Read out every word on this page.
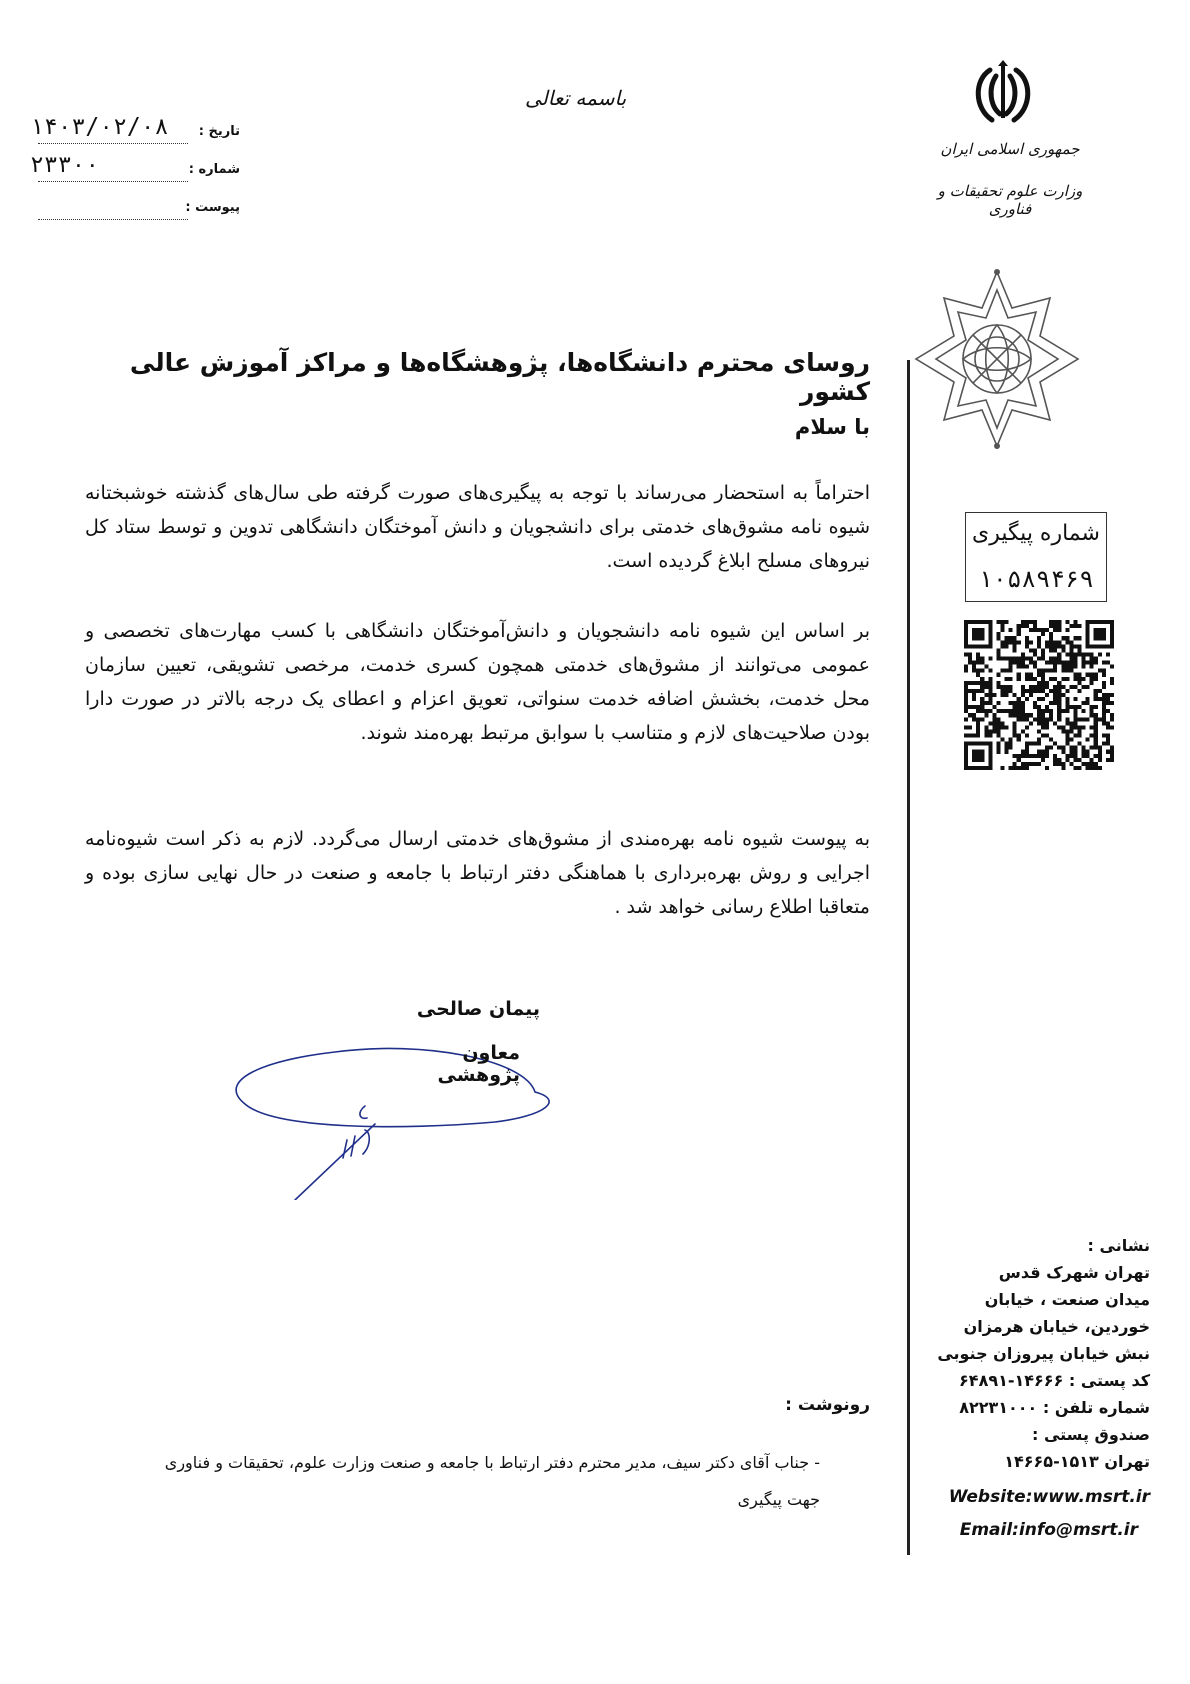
تاریخ :
۱۴۰۳/۰۲/۰۸
شماره :
۲۳۳۰۰
پیوست :
باسمه تعالی
جمهوری اسلامی ایران
وزارت علوم تحقیقات و فناوری
شماره پیگیری
۱۰۵۸۹۴۶۹
روسای محترم دانشگاه‌ها، پژوهشگاه‌ها و مراکز آموزش عالی کشور
با سلام
احتراماً به استحضار می‌رساند با توجه به پیگیری‌های صورت گرفته طی سال‌های گذشته خوشبختانه شیوه نامه مشوق‌های خدمتی برای دانشجویان و دانش آموختگان دانشگاهی تدوین و توسط ستاد کل نیروهای مسلح ابلاغ گردیده است.
بر اساس این شیوه نامه دانشجویان و دانش‌آموختگان دانشگاهی با کسب مهارت‌های تخصصی و عمومی می‌توانند از مشوق‌های خدمتی همچون کسری خدمت، مرخصی تشویقی، تعیین سازمان محل خدمت، بخشش اضافه خدمت سنواتی، تعویق اعزام و اعطای یک درجه بالاتر در صورت دارا بودن صلاحیت‌های لازم و متناسب با سوابق مرتبط بهره‌مند شوند.
به پیوست شیوه نامه بهره‌مندی از مشوق‌های خدمتی ارسال می‌گردد. لازم به ذکر است شیوه‌نامه اجرایی و روش بهره‌برداری با هماهنگی دفتر ارتباط با جامعه و صنعت در حال نهایی سازی بوده و متعاقبا اطلاع رسانی خواهد شد .
پیمان صالحی
معاون پژوهشی
نشانی :
تهران شهرک قدس
میدان صنعت ، خیابان
خوردین، خیابان هرمزان
نبش خیابان پیروزان جنوبی
کد پستی : ۱۴۶۶۶-۶۴۸۹۱
شماره تلفن : ۸۲۲۳۱۰۰۰
صندوق پستی :
تهران ۱۵۱۳-۱۴۶۶۵
Website:www.msrt.ir
Email:info@msrt.ir
رونوشت :
- جناب آقای دکتر سیف، مدیر محترم دفتر ارتباط با جامعه و صنعت وزارت علوم، تحقیقات و فناوری
جهت پیگیری
